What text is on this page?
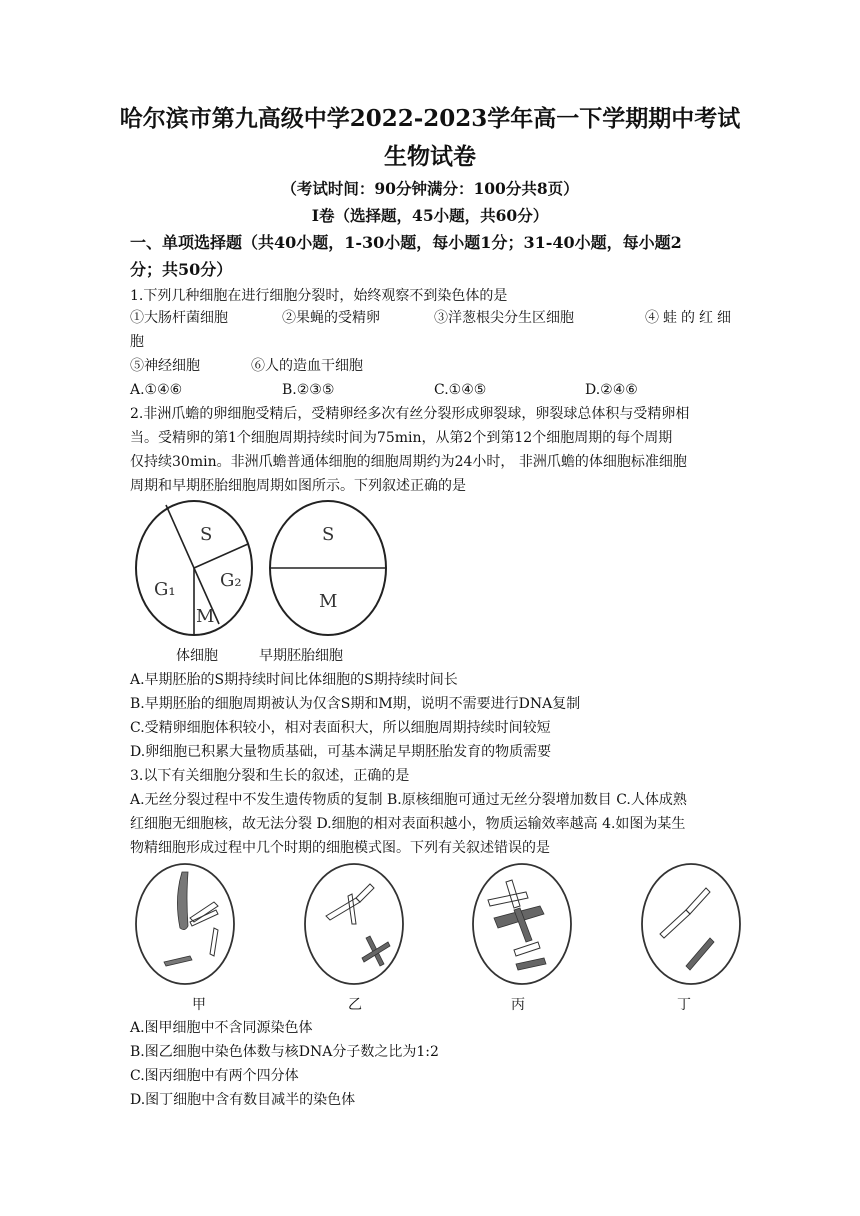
哈尔滨市第九高级中学2022-2023学年高一下学期期中考试
生物试卷
（考试时间：90分钟满分：100分共8页）
I卷（选择题，45小题，共60分）
一、单项选择题（共40小题，1-30小题，每小题1分；31-40小题，每小题2
分；共50分）
1.下列几种细胞在进行细胞分裂时，始终观察不到染色体的是
①大肠杆菌细胞	②果蝇的受精卵	③洋葱根尖分生区细胞	④蛙的红细
胞
⑤神经细胞	⑥人的造血干细胞
A.①④⑥	B.②③⑤	C.①④⑤	D.②④⑥
2.非洲爪蟾的卵细胞受精后，受精卵经多次有丝分裂形成卵裂球，卵裂球总体积与受精卵相
当。受精卵的第1个细胞周期持续时间为75min，从第2个到第12个细胞周期的每个周期
仅持续30min。非洲爪蟾普通体细胞的细胞周期约为24小时， 非洲爪蟾的体细胞标准细胞
周期和早期胚胎细胞周期如图所示。下列叙述正确的是
S
G₁ G₂
M
S
M
体细胞	早期胚胎细胞
A.早期胚胎的S期持续时间比体细胞的S期持续时间长
B.早期胚胎的细胞周期被认为仅含S期和M期，说明不需要进行DNA复制
C.受精卵细胞体积较小，相对表面积大，所以细胞周期持续时间较短
D.卵细胞已积累大量物质基础，可基本满足早期胚胎发育的物质需要
3.以下有关细胞分裂和生长的叙述，正确的是
A.无丝分裂过程中不发生遗传物质的复制 B.原核细胞可通过无丝分裂增加数目 C.人体成熟
红细胞无细胞核，故无法分裂 D.细胞的相对表面积越小，物质运输效率越高 4.如图为某生
物精细胞形成过程中几个时期的细胞模式图。下列有关叙述错误的是
甲	乙	丙	丁
A.图甲细胞中不含同源染色体
B.图乙细胞中染色体数与核DNA分子数之比为1:2
C.图丙细胞中有两个四分体
D.图丁细胞中含有数目减半的染色体
